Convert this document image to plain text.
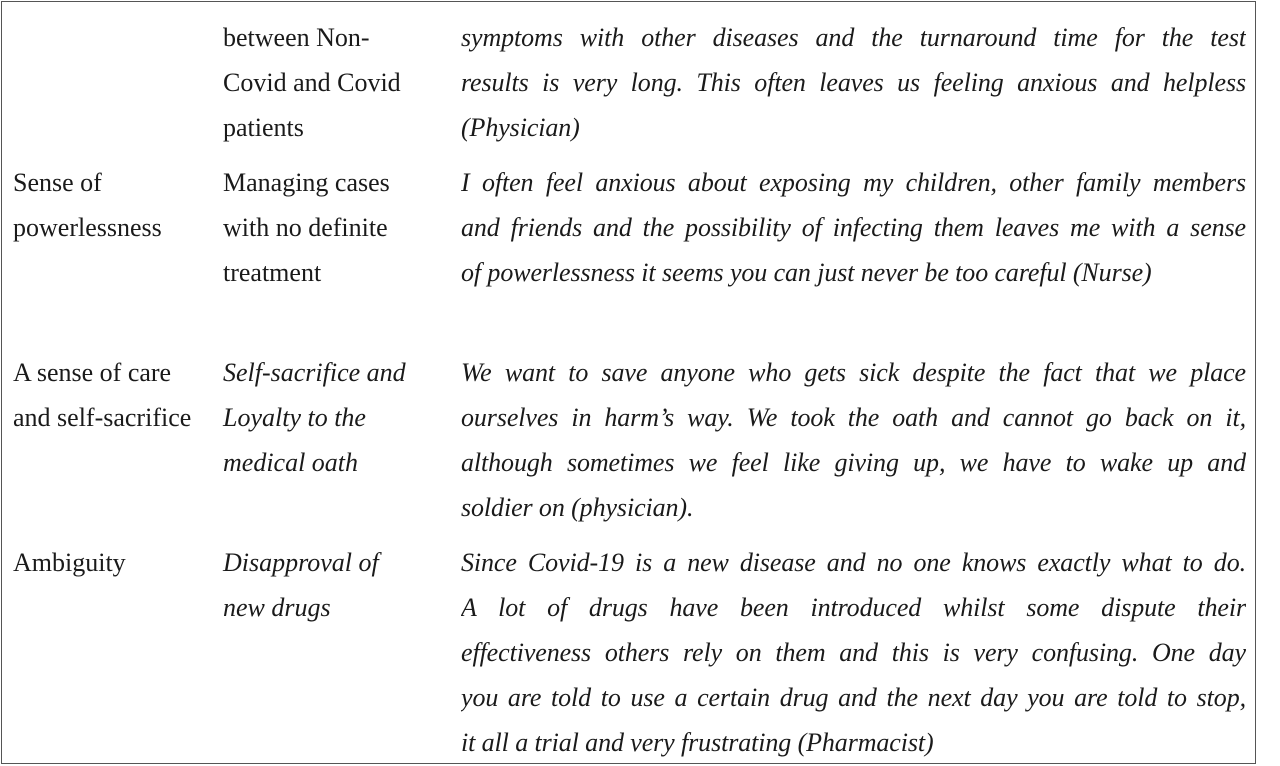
between Non-
Covid and Covid
patients
symptoms with other diseases and the turnaround time for the test
results is very long. This often leaves us feeling anxious and helpless
(Physician)
Sense of
powerlessness
Managing cases
with no definite
treatment
I often feel anxious about exposing my children, other family members
and friends and the possibility of infecting them leaves me with a sense
of powerlessness it seems you can just never be too careful (Nurse)
A sense of care
and self-sacrifice
Self-sacrifice and
Loyalty to the
medical oath
We want to save anyone who gets sick despite the fact that we place
ourselves in harm’s way. We took the oath and cannot go back on it,
although sometimes we feel like giving up, we have to wake up and
soldier on (physician).
Ambiguity	Disapproval of
new drugs
Since Covid-19 is a new disease and no one knows exactly what to do.
A lot of drugs have been introduced whilst some dispute their
effectiveness others rely on them and this is very confusing. One day
you are told to use a certain drug and the next day you are told to stop,
it all a trial and very frustrating (Pharmacist)
